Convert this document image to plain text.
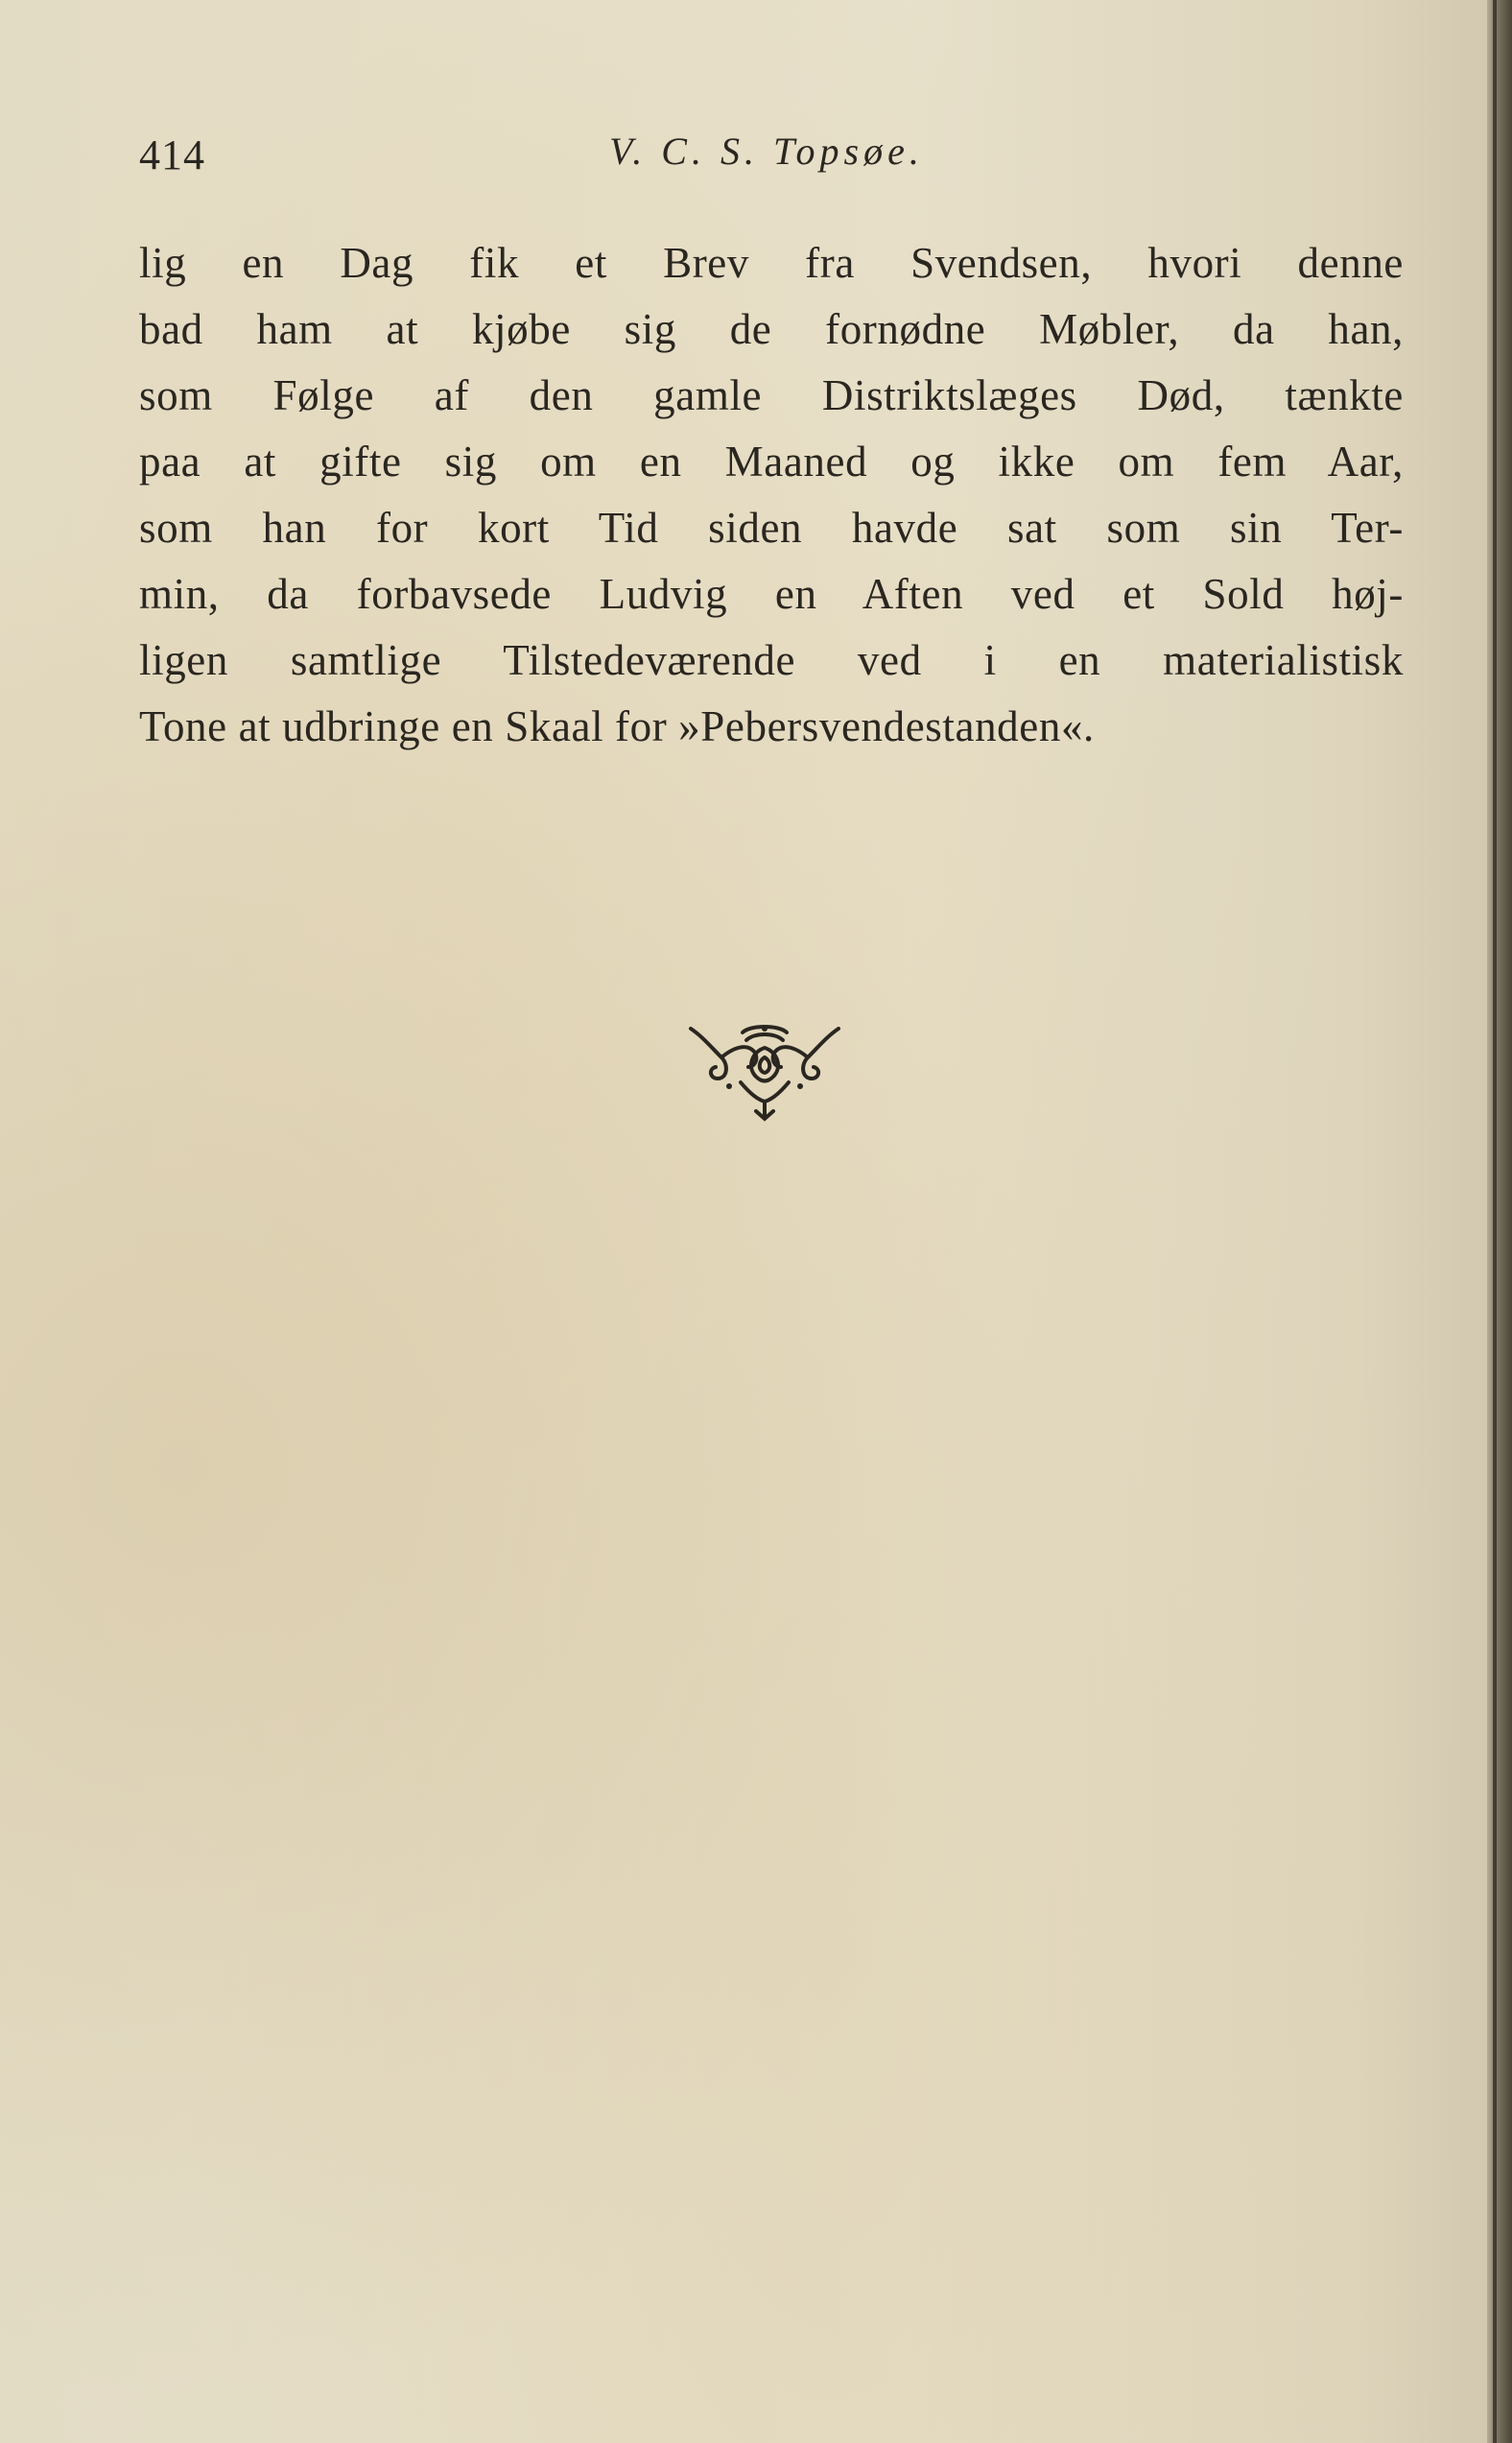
414	V. C. S. Topsøe.
lig en Dag fik et Brev fra Svendsen, hvori denne
bad ham at kjøbe sig de fornødne Møbler, da han,
som Følge af den gamle Distriktslæges Død, tænkte
paa at gifte sig om en Maaned og ikke om fem Aar,
som han for kort Tid siden havde sat som sin Ter-
min, da forbavsede Ludvig en Aften ved et Sold høj-
ligen samtlige Tilstedeværende ved i en materialistisk
Tone at udbringe en Skaal for »Pebersvendestanden«.
